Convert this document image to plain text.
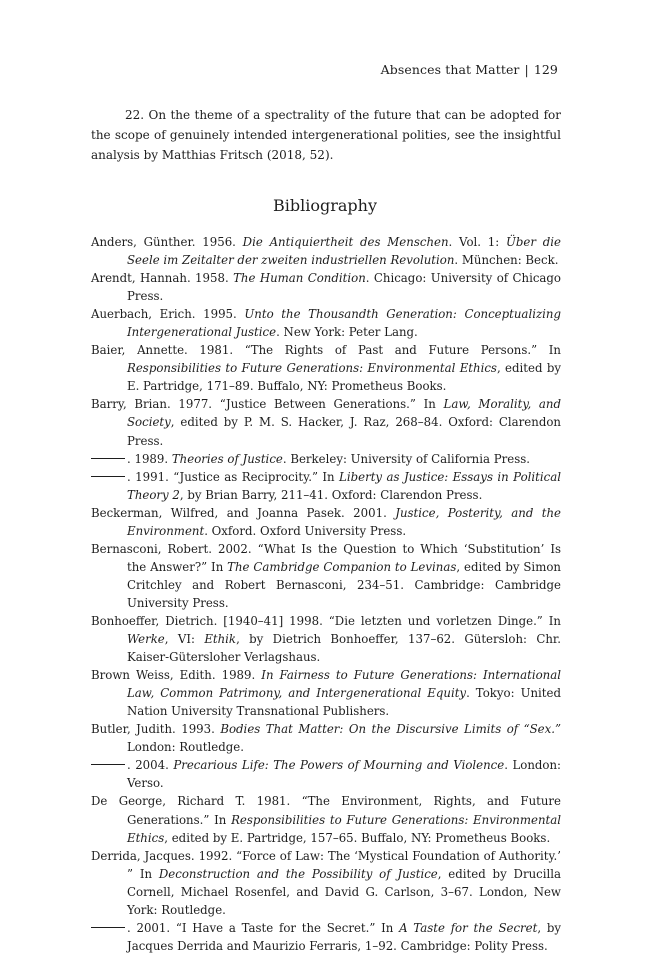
Absences that Matter | 129

22. On the theme of a spectrality of the future that can be adopted for the scope of genuinely intended intergenerational polities, see the insightful analysis by Matthias Fritsch (2018, 52).

Bibliography

Anders, Günther. 1956. Die Antiquiertheit des Menschen. Vol. 1: Über die Seele im Zeitalter der zweiten industriellen Revolution. München: Beck.

Arendt, Hannah. 1958. The Human Condition. Chicago: University of Chicago Press.

Auerbach, Erich. 1995. Unto the Thousandth Generation: Conceptualizing Intergenerational Justice. New York: Peter Lang.

Baier, Annette. 1981. “The Rights of Past and Future Persons.” In Responsibilities to Future Generations: Environmental Ethics, edited by E. Partridge, 171–89. Buffalo, NY: Prometheus Books.

Barry, Brian. 1977. “Justice Between Generations.” In Law, Morality, and Society, edited by P. M. S. Hacker, J. Raz, 268–84. Oxford: Clarendon Press.

. 1989. Theories of Justice. Berkeley: University of California Press.

. 1991. “Justice as Reciprocity.” In Liberty as Justice: Essays in Political Theory 2, by Brian Barry, 211–41. Oxford: Clarendon Press.

Beckerman, Wilfred, and Joanna Pasek. 2001. Justice, Posterity, and the Environment. Oxford. Oxford University Press.

Bernasconi, Robert. 2002. “What Is the Question to Which ‘Substitution’ Is the Answer?” In The Cambridge Companion to Levinas, edited by Simon Critchley and Robert Bernasconi, 234–51. Cambridge: Cambridge University Press.

Bonhoeffer, Dietrich. [1940–41] 1998. “Die letzten und vorletzen Dinge.” In Werke, VI: Ethik, by Dietrich Bonhoeffer, 137–62. Gütersloh: Chr. Kaiser-Gütersloher Verlagshaus.

Brown Weiss, Edith. 1989. In Fairness to Future Generations: International Law, Common Patrimony, and Intergenerational Equity. Tokyo: United Nation University Transnational Publishers.

Butler, Judith. 1993. Bodies That Matter: On the Discursive Limits of “Sex.” London: Routledge.

. 2004. Precarious Life: The Powers of Mourning and Violence. London: Verso.

De George, Richard T. 1981. “The Environment, Rights, and Future Generations.” In Responsibilities to Future Generations: Environmental Ethics, edited by E. Partridge, 157–65. Buffalo, NY: Prometheus Books.

Derrida, Jacques. 1992. “Force of Law: The ‘Mystical Foundation of Authority.’ ” In Deconstruction and the Possibility of Justice, edited by Drucilla Cornell, Michael Rosenfel, and David G. Carlson, 3–67. London, New York: Routledge.

. 2001. “I Have a Taste for the Secret.” In A Taste for the Secret, by Jacques Derrida and Maurizio Ferraris, 1–92. Cambridge: Polity Press.
